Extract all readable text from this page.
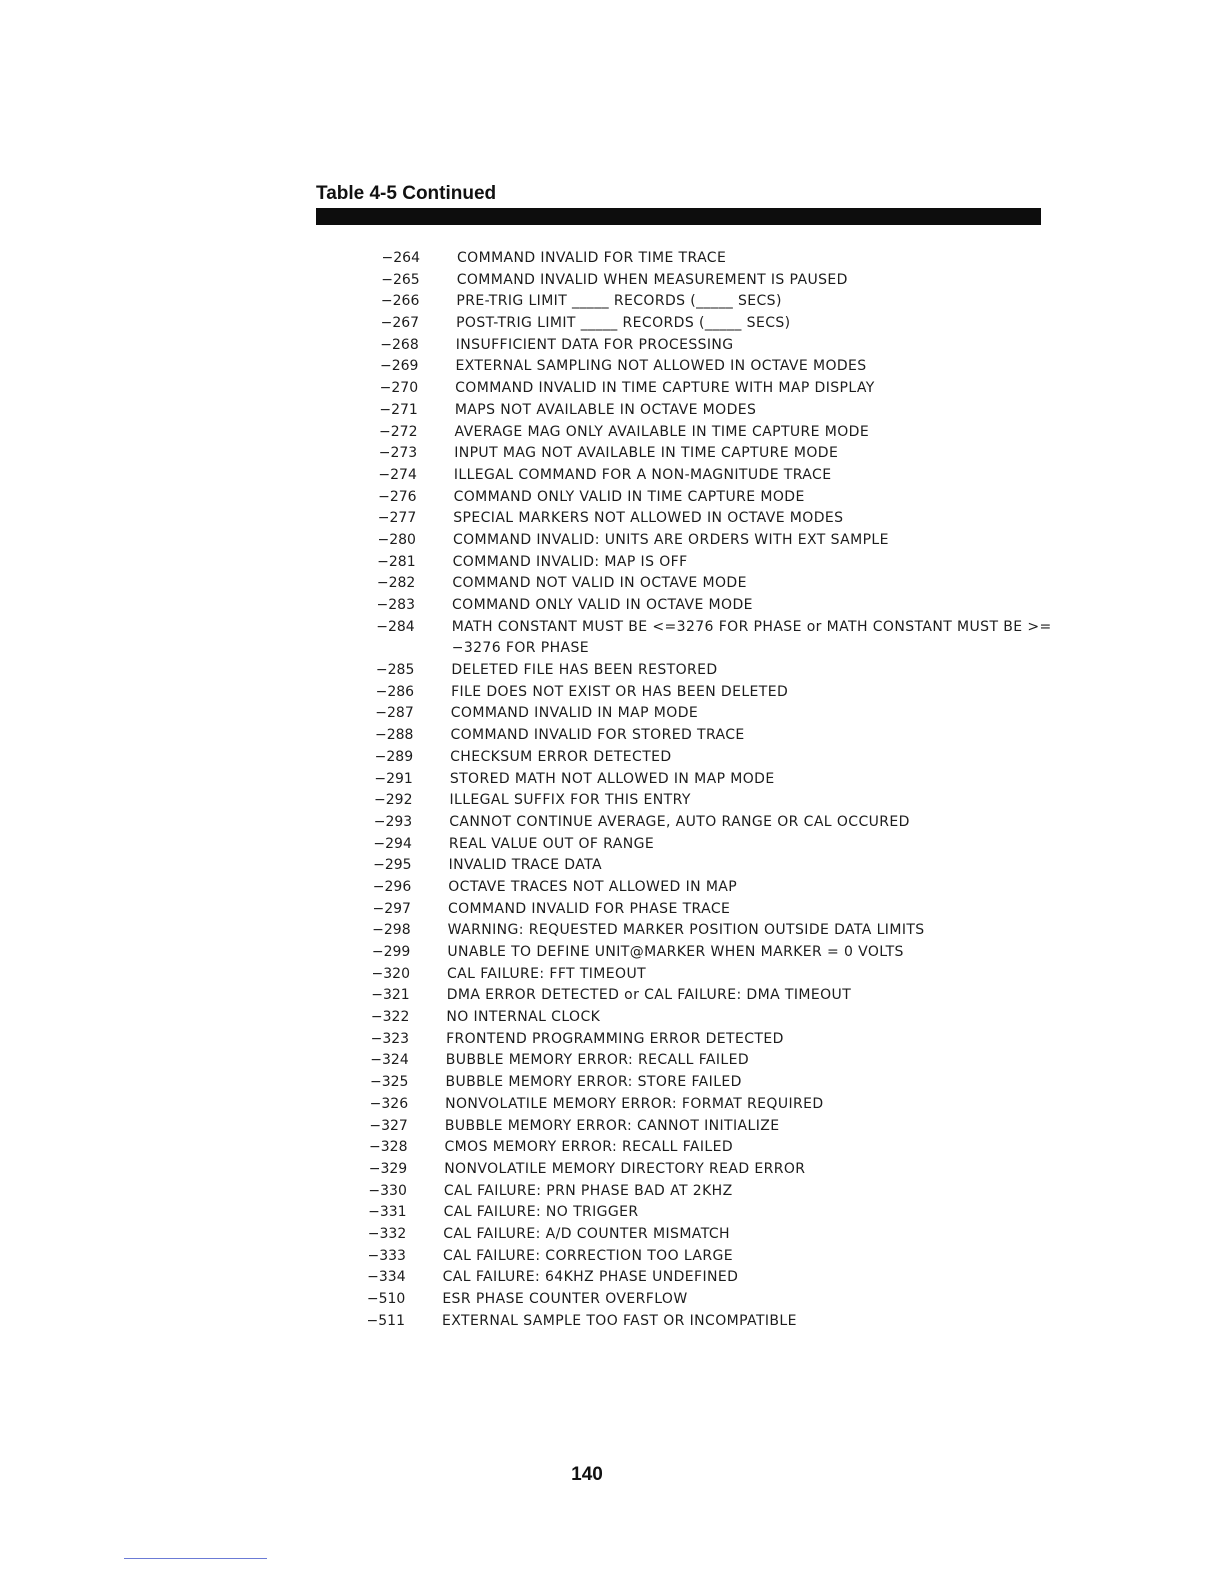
Table 4-5 Continued
−264	COMMAND INVALID FOR TIME TRACE
−265	COMMAND INVALID WHEN MEASUREMENT IS PAUSED
−266	PRE-TRIG LIMIT _____ RECORDS (_____ SECS)
−267	POST-TRIG LIMIT _____ RECORDS (_____ SECS)
−268	INSUFFICIENT DATA FOR PROCESSING
−269	EXTERNAL SAMPLING NOT ALLOWED IN OCTAVE MODES
−270	COMMAND INVALID IN TIME CAPTURE WITH MAP DISPLAY
−271	MAPS NOT AVAILABLE IN OCTAVE MODES
−272	AVERAGE MAG ONLY AVAILABLE IN TIME CAPTURE MODE
−273	INPUT MAG NOT AVAILABLE IN TIME CAPTURE MODE
−274	ILLEGAL COMMAND FOR A NON-MAGNITUDE TRACE
−276	COMMAND ONLY VALID IN TIME CAPTURE MODE
−277	SPECIAL MARKERS NOT ALLOWED IN OCTAVE MODES
−280	COMMAND INVALID: UNITS ARE ORDERS WITH EXT SAMPLE
−281	COMMAND INVALID: MAP IS OFF
−282	COMMAND NOT VALID IN OCTAVE MODE
−283	COMMAND ONLY VALID IN OCTAVE MODE
−284	MATH CONSTANT MUST BE <=3276 FOR PHASE or MATH CONSTANT MUST BE >= −3276 FOR PHASE
−285	DELETED FILE HAS BEEN RESTORED
−286	FILE DOES NOT EXIST OR HAS BEEN DELETED
−287	COMMAND INVALID IN MAP MODE
−288	COMMAND INVALID FOR STORED TRACE
−289	CHECKSUM ERROR DETECTED
−291	STORED MATH NOT ALLOWED IN MAP MODE
−292	ILLEGAL SUFFIX FOR THIS ENTRY
−293	CANNOT CONTINUE AVERAGE, AUTO RANGE OR CAL OCCURED
−294	REAL VALUE OUT OF RANGE
−295	INVALID TRACE DATA
−296	OCTAVE TRACES NOT ALLOWED IN MAP
−297	COMMAND INVALID FOR PHASE TRACE
−298	WARNING: REQUESTED MARKER POSITION OUTSIDE DATA LIMITS
−299	UNABLE TO DEFINE UNIT@MARKER WHEN MARKER = 0 VOLTS
−320	CAL FAILURE: FFT TIMEOUT
−321	DMA ERROR DETECTED or CAL FAILURE: DMA TIMEOUT
−322	NO INTERNAL CLOCK
−323	FRONTEND PROGRAMMING ERROR DETECTED
−324	BUBBLE MEMORY ERROR: RECALL FAILED
−325	BUBBLE MEMORY ERROR: STORE FAILED
−326	NONVOLATILE MEMORY ERROR: FORMAT REQUIRED
−327	BUBBLE MEMORY ERROR: CANNOT INITIALIZE
−328	CMOS MEMORY ERROR: RECALL FAILED
−329	NONVOLATILE MEMORY DIRECTORY READ ERROR
−330	CAL FAILURE: PRN PHASE BAD AT 2KHZ
−331	CAL FAILURE: NO TRIGGER
−332	CAL FAILURE: A/D COUNTER MISMATCH
−333	CAL FAILURE: CORRECTION TOO LARGE
−334	CAL FAILURE: 64KHZ PHASE UNDEFINED
−510	ESR PHASE COUNTER OVERFLOW
−511	EXTERNAL SAMPLE TOO FAST OR INCOMPATIBLE
140
